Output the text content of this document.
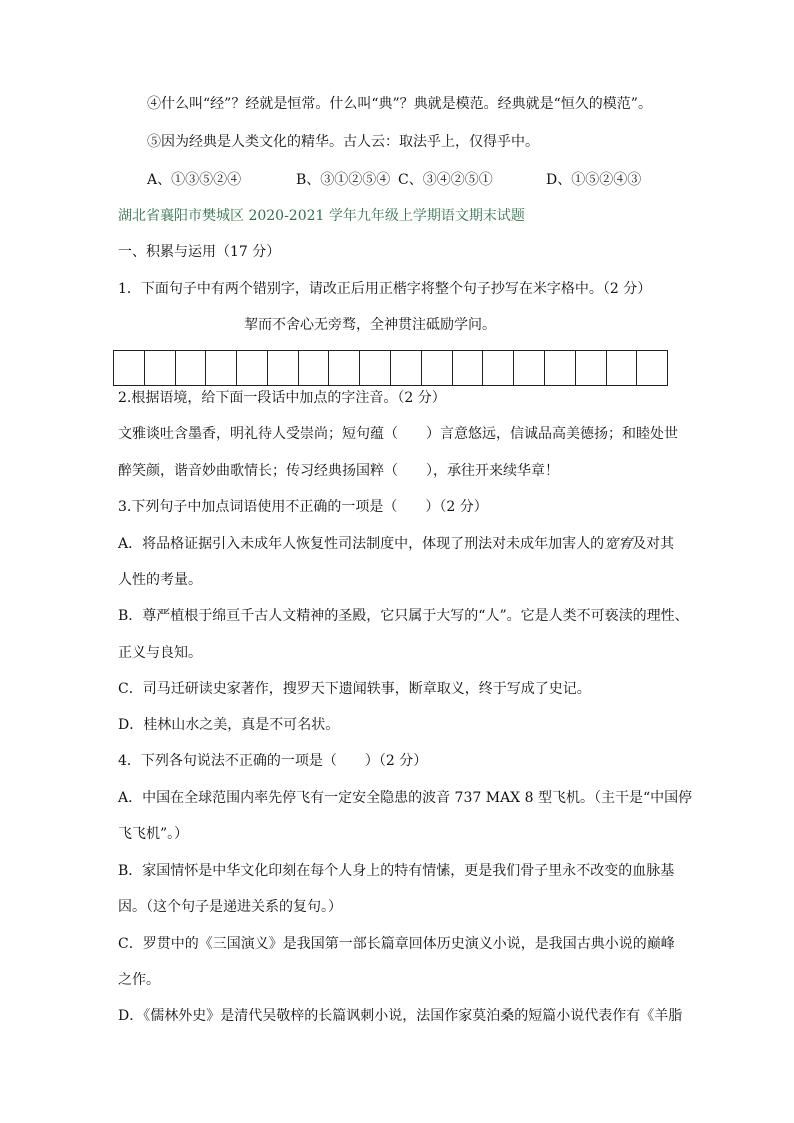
④什么叫“经”？经就是恒常。什么叫“典”？典就是模范。经典就是“恒久的模范”。
⑤因为经典是人类文化的精华。古人云：取法乎上，仅得乎中。
A、①③⑤②④	B、③①②⑤④ C、③④②⑤①	D、①⑤②④③
湖北省襄阳市樊城区 2020-2021 学年九年级上学期语文期末试题
一、积累与运用（17 分）
1．下面句子中有两个错别字，请改正后用正楷字将整个句子抄写在米字格中。（2 分）
挈而不舍心无旁骛，全神贯注砥励学问。
2.根据语境，给下面一段话中加点的字注音。（2 分）
文雅谈吐含墨香，明礼待人受崇尚；短句蕴（　　）言意悠远，信诚品高美德扬；和睦处世
醉笑颜，谐音妙曲歌情长；传习经典扬国粹（　　），承往开来续华章！
3.下列句子中加点词语使用不正确的一项是（　　）（2 分）
A．将品格证据引入未成年人恢复性司法制度中，体现了刑法对未成年加害人的宽宥及对其
人性的考量。
B．尊严植根于绵亘千古人文精神的圣殿，它只属于大写的“人”。它是人类不可亵渎的理性、
正义与良知。
C．司马迁研读史家著作，搜罗天下遗闻轶事，断章取义，终于写成了史记。
D．桂林山水之美，真是不可名状。
4．下列各句说法不正确的一项是（　　）（2 分）
A．中国在全球范围内率先停飞有一定安全隐患的波音 737 MAX 8 型飞机。（主干是“中国停
飞飞机”。）
B．家国情怀是中华文化印刻在每个人身上的特有情愫，更是我们骨子里永不改变的血脉基
因。（这个句子是递进关系的复句。）
C．罗贯中的《三国演义》是我国第一部长篇章回体历史演义小说，是我国古典小说的巅峰
之作。
D．《儒林外史》是清代吴敬梓的长篇讽刺小说，法国作家莫泊桑的短篇小说代表作有《羊脂
